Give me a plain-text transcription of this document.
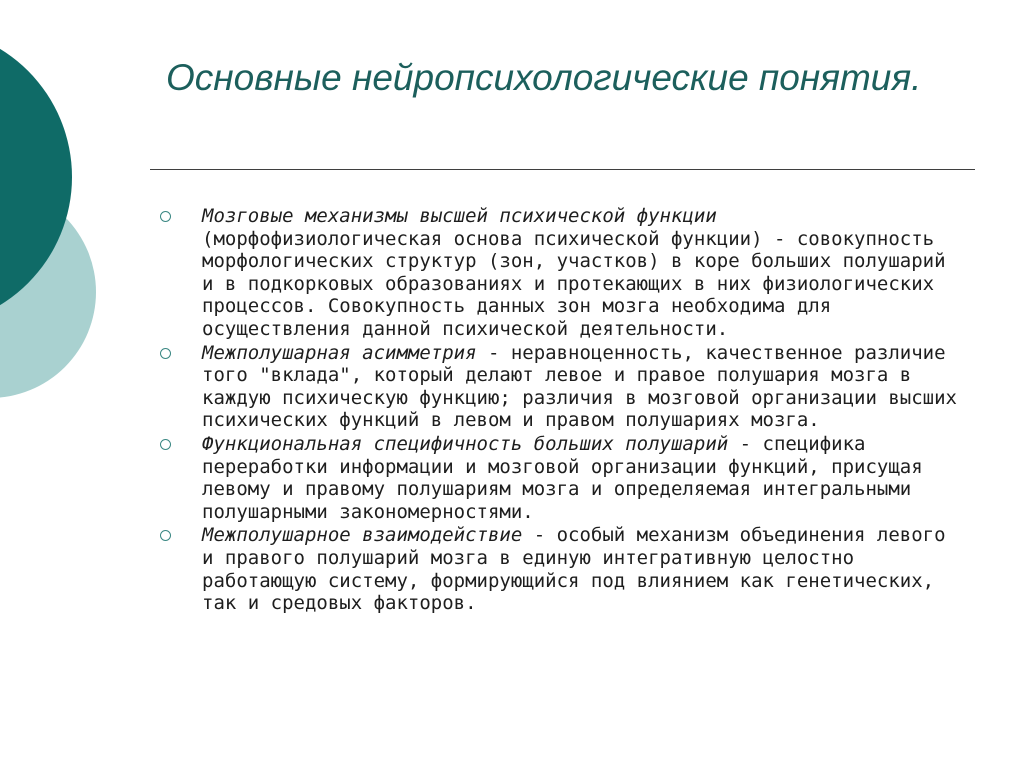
Основные нейропсихологические понятия.
Мозговые механизмы высшей психической функции (морфофизиологическая основа психической функции) - совокупность морфологических структур (зон, участков) в коре больших полушарий и в подкорковых образованиях и протекающих в них физиологических процессов. Совокупность данных зон мозга необходима для осуществления данной психической деятельности.
Межполушарная асимметрия - неравноценность, качественное различие того "вклада", который делают левое и правое полушария мозга в каждую психическую функцию; различия в мозговой организации высших психических функций в левом и правом полушариях мозга.
Функциональная специфичность больших полушарий - специфика переработки информации и мозговой организации функций, присущая левому и правому полушариям мозга и определяемая интегральными полушарными закономерностями.
Межполушарное взаимодействие - особый механизм объединения левого и правого полушарий мозга в единую интегративную целостно работающую систему, формирующийся под влиянием как генетических, так и средовых факторов.
